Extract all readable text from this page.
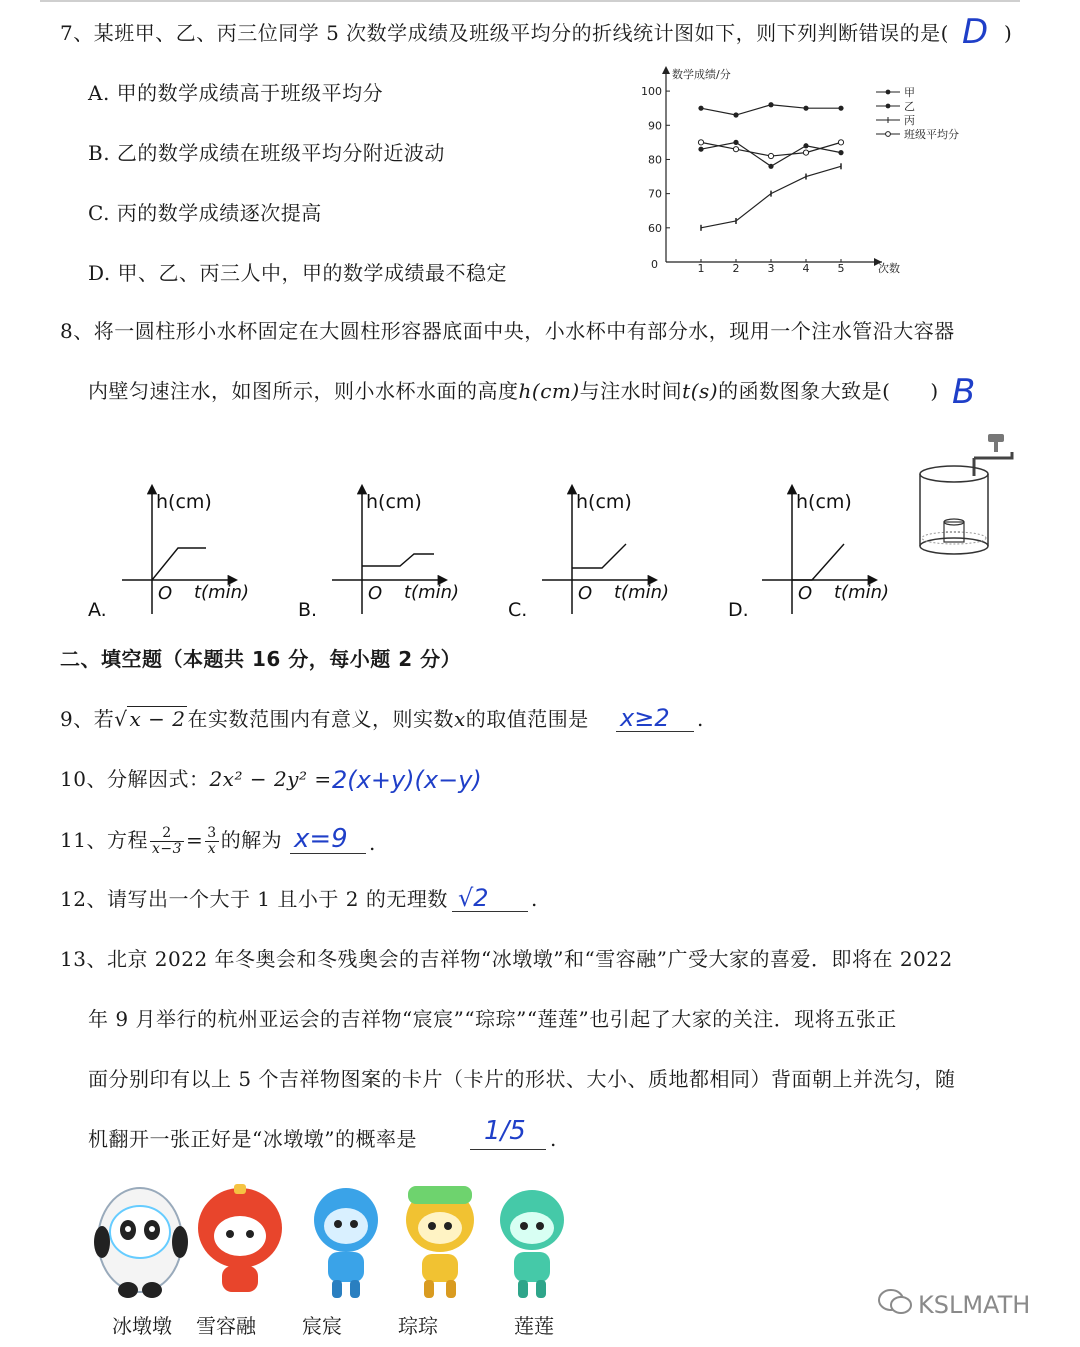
7、某班甲、乙、丙三位同学 5 次数学成绩及班级平均分的折线统计图如下，则下列判断错误的是(	)
D
A. 甲的数学成绩高于班级平均分
B. 乙的数学成绩在班级平均分附近波动
C. 丙的数学成绩逐次提高
D. 甲、乙、丙三人中，甲的数学成绩最不稳定
数学成绩/分
次数
0
60
70
80
90
100
1	2	3	4	5
甲
乙
丙
班级平均分
8、将一圆柱形小水杯固定在大圆柱形容器底面中央，小水杯中有部分水，现用一个注水管沿大容器
内壁匀速注水，如图所示，则小水杯水面的高度h(cm)与注水时间t(s)的函数图象大致是( ) B
h(cm)
t(min)
O
A.
h(cm)
t(min)
O
B.
h(cm)
t(min)
O
C.
h(cm)
t(min)
O
D.
二、填空题（本题共 16 分，每小题 2 分）
9、若√ x − 2 在实数范围内有意义，则实数x的取值范围是 x≥2 .
10、分解因式：2x² − 2y² = 2(x+y)(x−y)
11、方程 $\frac{2}{x-3} = \frac{3}{x}$ 的解为 x=9 .
12、请写出一个大于 1 且小于 2 的无理数 √2 .
13、北京 2022 年冬奥会和冬残奥会的吉祥物“冰墩墩”和“雪容融”广受大家的喜爱．即将在 2022
年 9 月举行的杭州亚运会的吉祥物“宸宸”“琮琮”“莲莲”也引起了大家的关注．现将五张正
面分别印有以上 5 个吉祥物图案的卡片（卡片的形状、大小、质地都相同）背面朝上并洗匀，随
机翻开一张正好是“冰墩墩”的概率是	1/5 .
冰墩墩 雪容融 宸宸	琮琮	莲莲
KSLMATH
